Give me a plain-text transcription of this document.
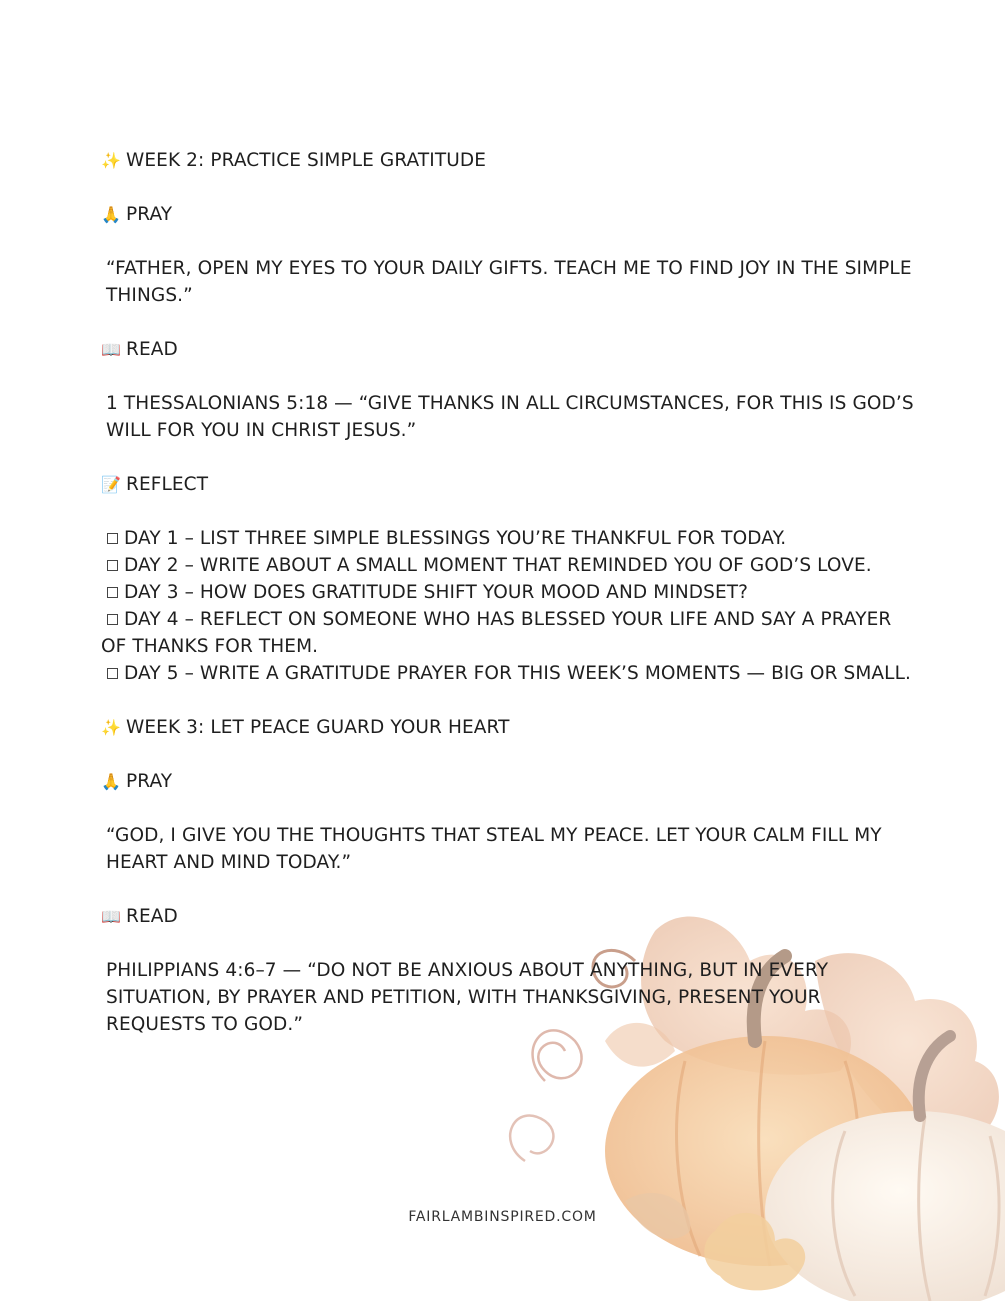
✨ WEEK 2: PRACTICE SIMPLE GRATITUDE

🙏 PRAY

“FATHER, OPEN MY EYES TO YOUR DAILY GIFTS. TEACH ME TO FIND JOY IN THE SIMPLE THINGS.”

📖 READ

1 THESSALONIANS 5:18 — “GIVE THANKS IN ALL CIRCUMSTANCES, FOR THIS IS GOD’S WILL FOR YOU IN CHRIST JESUS.”

📝 REFLECT

DAY 1 – LIST THREE SIMPLE BLESSINGS YOU’RE THANKFUL FOR TODAY.

DAY 2 – WRITE ABOUT A SMALL MOMENT THAT REMINDED YOU OF GOD’S LOVE.

DAY 3 – HOW DOES GRATITUDE SHIFT YOUR MOOD AND MINDSET?

DAY 4 – REFLECT ON SOMEONE WHO HAS BLESSED YOUR LIFE AND SAY A PRAYER OF THANKS FOR THEM.

DAY 5 – WRITE A GRATITUDE PRAYER FOR THIS WEEK’S MOMENTS — BIG OR SMALL.

✨ WEEK 3: LET PEACE GUARD YOUR HEART

🙏 PRAY

“GOD, I GIVE YOU THE THOUGHTS THAT STEAL MY PEACE. LET YOUR CALM FILL MY HEART AND MIND TODAY.”

📖 READ

PHILIPPIANS 4:6–7 — “DO NOT BE ANXIOUS ABOUT ANYTHING, BUT IN EVERY SITUATION, BY PRAYER AND PETITION, WITH THANKSGIVING, PRESENT YOUR REQUESTS TO GOD.”

FAIRLAMBINSPIRED.COM
